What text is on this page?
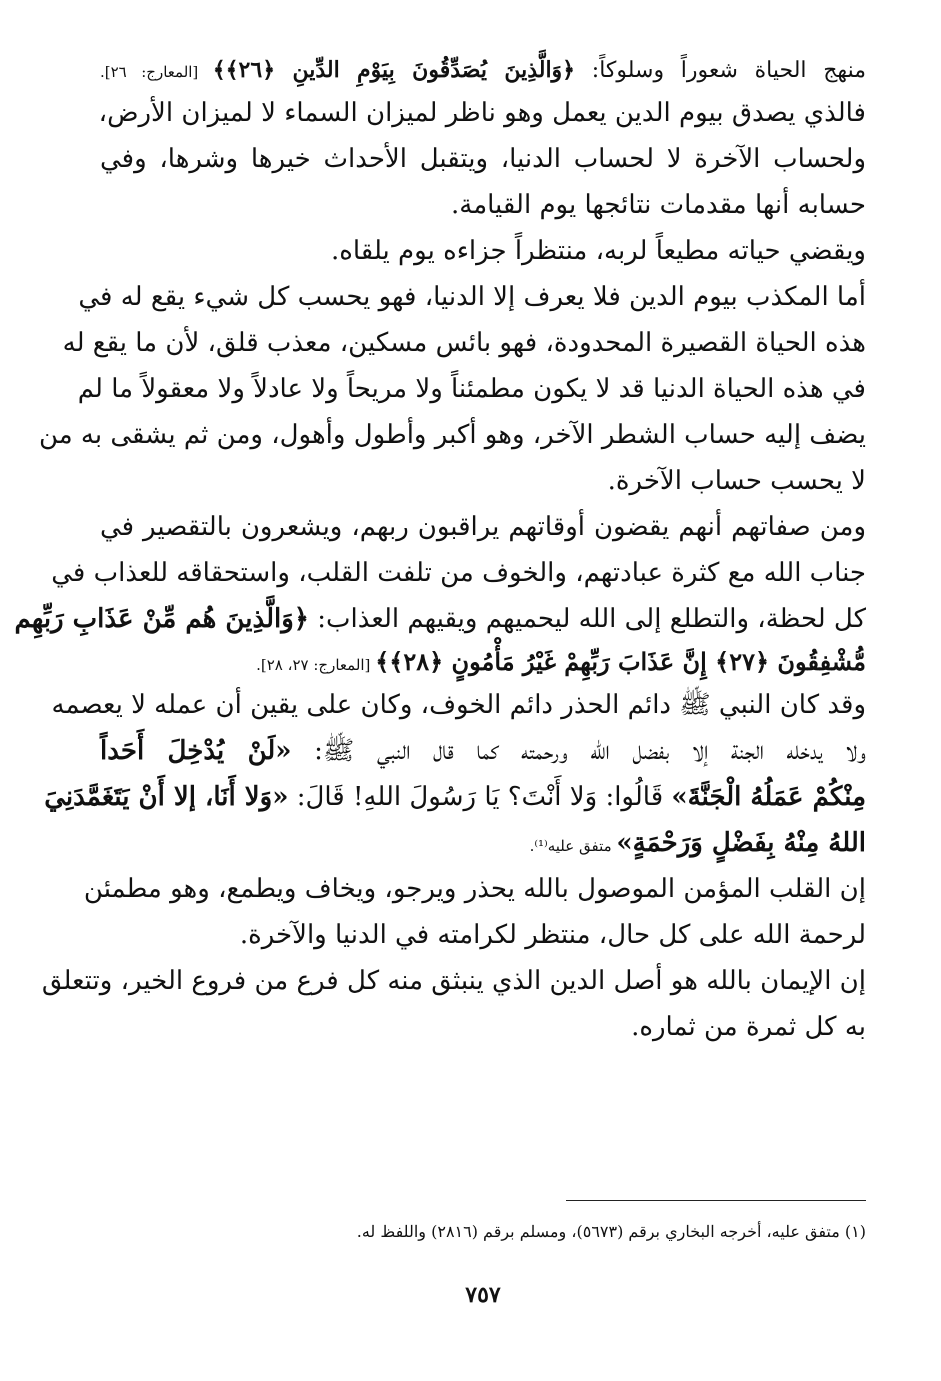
منهج الحياة شعوراً وسلوكاً: ﴿وَالَّذِينَ يُصَدِّقُونَ بِيَوْمِ الدِّينِ ﴿٢٦﴾﴾ [المعارج: ٢٦].
فالذي يصدق بيوم الدين يعمل وهو ناظر لميزان السماء لا لميزان الأرض،
ولحساب الآخرة لا لحساب الدنيا، ويتقبل الأحداث خيرها وشرها، وفي
حسابه أنها مقدمات نتائجها يوم القيامة.
ويقضي حياته مطيعاً لربه، منتظراً جزاءه يوم يلقاه.
أما المكذب بيوم الدين فلا يعرف إلا الدنيا، فهو يحسب كل شيء يقع له في
هذه الحياة القصيرة المحدودة، فهو بائس مسكين، معذب قلق، لأن ما يقع له
في هذه الحياة الدنيا قد لا يكون مطمئناً ولا مريحاً ولا عادلاً ولا معقولاً ما لم
يضف إليه حساب الشطر الآخر، وهو أكبر وأطول وأهول، ومن ثم يشقى به من
لا يحسب حساب الآخرة.
ومن صفاتهم أنهم يقضون أوقاتهم يراقبون ربهم، ويشعرون بالتقصير في
جناب الله مع كثرة عبادتهم، والخوف من تلفت القلب، واستحقاقه للعذاب في
كل لحظة، والتطلع إلى الله ليحميهم ويقيهم العذاب: ﴿وَالَّذِينَ هُم مِّنْ عَذَابِ رَبِّهِم
مُّشْفِقُونَ ﴿٢٧﴾ إِنَّ عَذَابَ رَبِّهِمْ غَيْرُ مَأْمُونٍ ﴿٢٨﴾﴾ [المعارج: ٢٧، ٢٨].
وقد كان النبي ﷺ دائم الحذر دائم الخوف، وكان على يقين أن عمله لا يعصمه
ولا يدخله الجنة إلا بفضل الله ورحمته كما قال النبي ﷺ: «لَنْ يُدْخِلَ أَحَداً
مِنْكُمْ عَمَلُهُ الْجَنَّةَ» قَالُوا: وَلا أَنْتَ؟ يَا رَسُولَ اللهِ! قَالَ: «وَلا أَنَا، إلا أَنْ يَتَغَمَّدَنِيَ
اللهُ مِنْهُ بِفَضْلٍ وَرَحْمَةٍ» متفق عليه⁽¹⁾.
إن القلب المؤمن الموصول بالله يحذر ويرجو، ويخاف ويطمع، وهو مطمئن
لرحمة الله على كل حال، منتظر لكرامته في الدنيا والآخرة.
إن الإيمان بالله هو أصل الدين الذي ينبثق منه كل فرع من فروع الخير، وتتعلق
به كل ثمرة من ثماره.
(١) متفق عليه، أخرجه البخاري برقم (٥٦٧٣)، ومسلم برقم (٢٨١٦) واللفظ له.
٧٥٧
